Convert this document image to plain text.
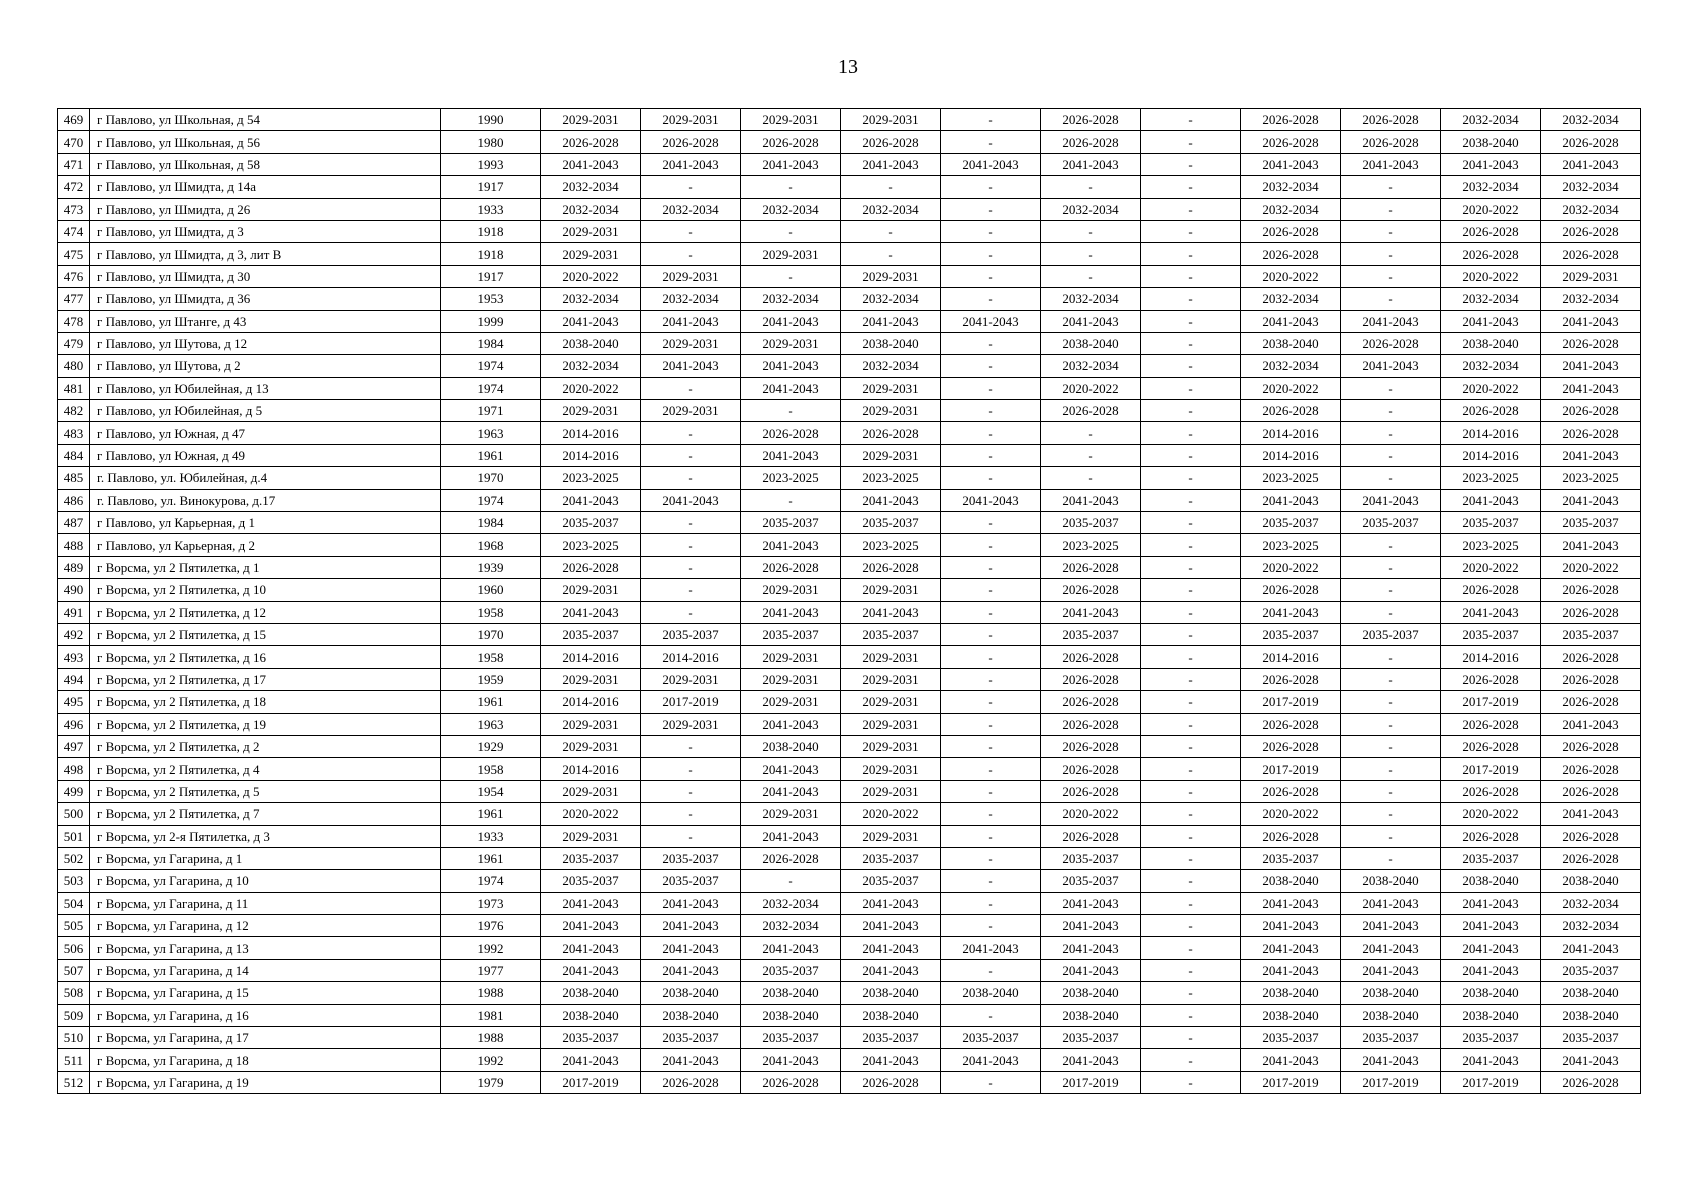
13
469	г Павлово, ул Школьная, д 54	1990	2029-2031	2029-2031	2029-2031	2029-2031	-	2026-2028	-	2026-2028	2026-2028	2032-2034	2032-2034
470	г Павлово, ул Школьная, д 56	1980	2026-2028	2026-2028	2026-2028	2026-2028	-	2026-2028	-	2026-2028	2026-2028	2038-2040	2026-2028
471	г Павлово, ул Школьная, д 58	1993	2041-2043	2041-2043	2041-2043	2041-2043	2041-2043	2041-2043	-	2041-2043	2041-2043	2041-2043	2041-2043
472	г Павлово, ул Шмидта, д 14а	1917	2032-2034	-	-	-	-	-	-	2032-2034	-	2032-2034	2032-2034
473	г Павлово, ул Шмидта, д 26	1933	2032-2034	2032-2034	2032-2034	2032-2034	-	2032-2034	-	2032-2034	-	2020-2022	2032-2034
474	г Павлово, ул Шмидта, д 3	1918	2029-2031	-	-	-	-	-	-	2026-2028	-	2026-2028	2026-2028
475	г Павлово, ул Шмидта, д 3, лит В	1918	2029-2031	-	2029-2031	-	-	-	-	2026-2028	-	2026-2028	2026-2028
476	г Павлово, ул Шмидта, д 30	1917	2020-2022	2029-2031	-	2029-2031	-	-	-	2020-2022	-	2020-2022	2029-2031
477	г Павлово, ул Шмидта, д 36	1953	2032-2034	2032-2034	2032-2034	2032-2034	-	2032-2034	-	2032-2034	-	2032-2034	2032-2034
478	г Павлово, ул Штанге, д 43	1999	2041-2043	2041-2043	2041-2043	2041-2043	2041-2043	2041-2043	-	2041-2043	2041-2043	2041-2043	2041-2043
479	г Павлово, ул Шутова, д 12	1984	2038-2040	2029-2031	2029-2031	2038-2040	-	2038-2040	-	2038-2040	2026-2028	2038-2040	2026-2028
480	г Павлово, ул Шутова, д 2	1974	2032-2034	2041-2043	2041-2043	2032-2034	-	2032-2034	-	2032-2034	2041-2043	2032-2034	2041-2043
481	г Павлово, ул Юбилейная, д 13	1974	2020-2022	-	2041-2043	2029-2031	-	2020-2022	-	2020-2022	-	2020-2022	2041-2043
482	г Павлово, ул Юбилейная, д 5	1971	2029-2031	2029-2031	-	2029-2031	-	2026-2028	-	2026-2028	-	2026-2028	2026-2028
483	г Павлово, ул Южная, д 47	1963	2014-2016	-	2026-2028	2026-2028	-	-	-	2014-2016	-	2014-2016	2026-2028
484	г Павлово, ул Южная, д 49	1961	2014-2016	-	2041-2043	2029-2031	-	-	-	2014-2016	-	2014-2016	2041-2043
485	г. Павлово, ул. Юбилейная, д.4	1970	2023-2025	-	2023-2025	2023-2025	-	-	-	2023-2025	-	2023-2025	2023-2025
486	г. Павлово, ул. Винокурова, д.17	1974	2041-2043	2041-2043	-	2041-2043	2041-2043	2041-2043	-	2041-2043	2041-2043	2041-2043	2041-2043
487	г Павлово, ул Карьерная, д 1	1984	2035-2037	-	2035-2037	2035-2037	-	2035-2037	-	2035-2037	2035-2037	2035-2037	2035-2037
488	г Павлово, ул Карьерная, д 2	1968	2023-2025	-	2041-2043	2023-2025	-	2023-2025	-	2023-2025	-	2023-2025	2041-2043
489	г Ворсма, ул 2 Пятилетка, д 1	1939	2026-2028	-	2026-2028	2026-2028	-	2026-2028	-	2020-2022	-	2020-2022	2020-2022
490	г Ворсма, ул 2 Пятилетка, д 10	1960	2029-2031	-	2029-2031	2029-2031	-	2026-2028	-	2026-2028	-	2026-2028	2026-2028
491	г Ворсма, ул 2 Пятилетка, д 12	1958	2041-2043	-	2041-2043	2041-2043	-	2041-2043	-	2041-2043	-	2041-2043	2026-2028
492	г Ворсма, ул 2 Пятилетка, д 15	1970	2035-2037	2035-2037	2035-2037	2035-2037	-	2035-2037	-	2035-2037	2035-2037	2035-2037	2035-2037
493	г Ворсма, ул 2 Пятилетка, д 16	1958	2014-2016	2014-2016	2029-2031	2029-2031	-	2026-2028	-	2014-2016	-	2014-2016	2026-2028
494	г Ворсма, ул 2 Пятилетка, д 17	1959	2029-2031	2029-2031	2029-2031	2029-2031	-	2026-2028	-	2026-2028	-	2026-2028	2026-2028
495	г Ворсма, ул 2 Пятилетка, д 18	1961	2014-2016	2017-2019	2029-2031	2029-2031	-	2026-2028	-	2017-2019	-	2017-2019	2026-2028
496	г Ворсма, ул 2 Пятилетка, д 19	1963	2029-2031	2029-2031	2041-2043	2029-2031	-	2026-2028	-	2026-2028	-	2026-2028	2041-2043
497	г Ворсма, ул 2 Пятилетка, д 2	1929	2029-2031	-	2038-2040	2029-2031	-	2026-2028	-	2026-2028	-	2026-2028	2026-2028
498	г Ворсма, ул 2 Пятилетка, д 4	1958	2014-2016	-	2041-2043	2029-2031	-	2026-2028	-	2017-2019	-	2017-2019	2026-2028
499	г Ворсма, ул 2 Пятилетка, д 5	1954	2029-2031	-	2041-2043	2029-2031	-	2026-2028	-	2026-2028	-	2026-2028	2026-2028
500	г Ворсма, ул 2 Пятилетка, д 7	1961	2020-2022	-	2029-2031	2020-2022	-	2020-2022	-	2020-2022	-	2020-2022	2041-2043
501	г Ворсма, ул 2-я Пятилетка, д 3	1933	2029-2031	-	2041-2043	2029-2031	-	2026-2028	-	2026-2028	-	2026-2028	2026-2028
502	г Ворсма, ул Гагарина, д 1	1961	2035-2037	2035-2037	2026-2028	2035-2037	-	2035-2037	-	2035-2037	-	2035-2037	2026-2028
503	г Ворсма, ул Гагарина, д 10	1974	2035-2037	2035-2037	-	2035-2037	-	2035-2037	-	2038-2040	2038-2040	2038-2040	2038-2040
504	г Ворсма, ул Гагарина, д 11	1973	2041-2043	2041-2043	2032-2034	2041-2043	-	2041-2043	-	2041-2043	2041-2043	2041-2043	2032-2034
505	г Ворсма, ул Гагарина, д 12	1976	2041-2043	2041-2043	2032-2034	2041-2043	-	2041-2043	-	2041-2043	2041-2043	2041-2043	2032-2034
506	г Ворсма, ул Гагарина, д 13	1992	2041-2043	2041-2043	2041-2043	2041-2043	2041-2043	2041-2043	-	2041-2043	2041-2043	2041-2043	2041-2043
507	г Ворсма, ул Гагарина, д 14	1977	2041-2043	2041-2043	2035-2037	2041-2043	-	2041-2043	-	2041-2043	2041-2043	2041-2043	2035-2037
508	г Ворсма, ул Гагарина, д 15	1988	2038-2040	2038-2040	2038-2040	2038-2040	2038-2040	2038-2040	-	2038-2040	2038-2040	2038-2040	2038-2040
509	г Ворсма, ул Гагарина, д 16	1981	2038-2040	2038-2040	2038-2040	2038-2040	-	2038-2040	-	2038-2040	2038-2040	2038-2040	2038-2040
510	г Ворсма, ул Гагарина, д 17	1988	2035-2037	2035-2037	2035-2037	2035-2037	2035-2037	2035-2037	-	2035-2037	2035-2037	2035-2037	2035-2037
511	г Ворсма, ул Гагарина, д 18	1992	2041-2043	2041-2043	2041-2043	2041-2043	2041-2043	2041-2043	-	2041-2043	2041-2043	2041-2043	2041-2043
512	г Ворсма, ул Гагарина, д 19	1979	2017-2019	2026-2028	2026-2028	2026-2028	-	2017-2019	-	2017-2019	2017-2019	2017-2019	2026-2028
